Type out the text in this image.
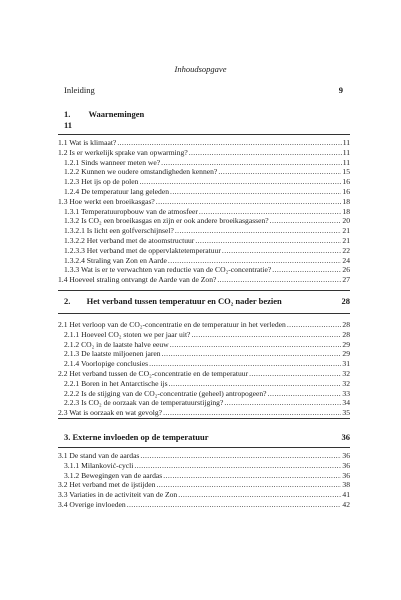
Inhoudsopgave
Inleiding	9
1. Waarnemingen
11
1.1 Wat is klimaat? .....	11
1.2 Is er werkelijk sprake van opwarming? .....	11
1.2.1 Sinds wanneer meten we? .....	11
1.2.2 Kunnen we oudere omstandigheden kennen? .....	15
1.2.3 Het ijs op de polen .....	16
1.2.4 De temperatuur lang geleden .....	16
1.3 Hoe werkt een broeikasgas? .....	18
1.3.1 Temperatuuropbouw van de atmosfeer .....	18
1.3.2 Is CO₂ een broeikasgas en zijn er ook andere broeikasgassen? .....	20
1.3.2.1 Is licht een golfverschijnsel? .....	21
1.3.2.2 Het verband met de atoomstructuur .....	21
1.2.3.3 Het verband met de oppervlaktetemperatuur .....	22
1.3.2.4 Straling van Zon en Aarde .....	24
1.3.3 Wat is er te verwachten van reductie van de CO₂-concentratie? .....	26
1.4 Hoeveel straling ontvangt de Aarde van de Zon? .....	27
2. Het verband tussen temperatuur en CO₂ nader bezien	28
2.1 Het verloop van de CO₂-concentratie en de temperatuur in het verleden .....	28
2.1.1 Hoeveel CO₂ stoten we per jaar uit? .....	28
2.1.2 CO₂ in de laatste halve eeuw .....	29
2.1.3 De laatste miljoenen jaren .....	29
2.1.4 Voorlopige conclusies .....	31
2.2 Het verband tussen de CO₂-concentratie en de temperatuur .....	32
2.2.1 Boren in het Antarctische ijs .....	32
2.2.2 Is de stijging van de CO₂-concentratie (geheel) antropogeen? .....	33
2.2.3 Is CO₂ de oorzaak van de temperatuurstijging? .....	34
2.3 Wat is oorzaak en wat gevolg? .....	35
3. Externe invloeden op de temperatuur	36
3.1 De stand van de aardas .....	36
3.1.1 Milanković-cycli .....	36
3.1.2 Bewegingen van de aardas .....	36
3.2 Het verband met de ijstijden .....	38
3.3 Variaties in de activiteit van de Zon .....	41
3.4 Overige invloeden .....	42
